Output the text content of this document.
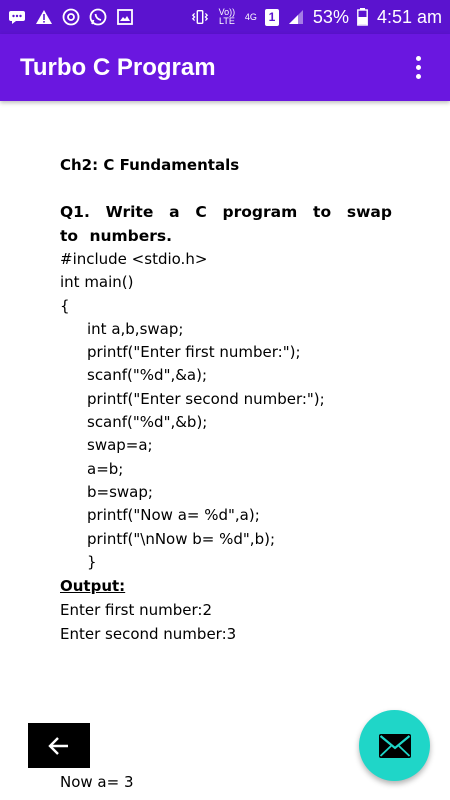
Vo)) LTE 4G 1 53% 4:51 am
Turbo C Program
Ch2: C Fundamentals
Q1. Write a C program to swap to numbers.
#include <stdio.h>
int main()
{
int a,b,swap;
printf("Enter first number:");
scanf("%d",&a);
printf("Enter second number:");
scanf("%d",&b);
swap=a;
a=b;
b=swap;
printf("Now a= %d",a);
printf("\nNow b= %d",b);
}
Output:
Enter first number:2
Enter second number:3
Now a= 3
